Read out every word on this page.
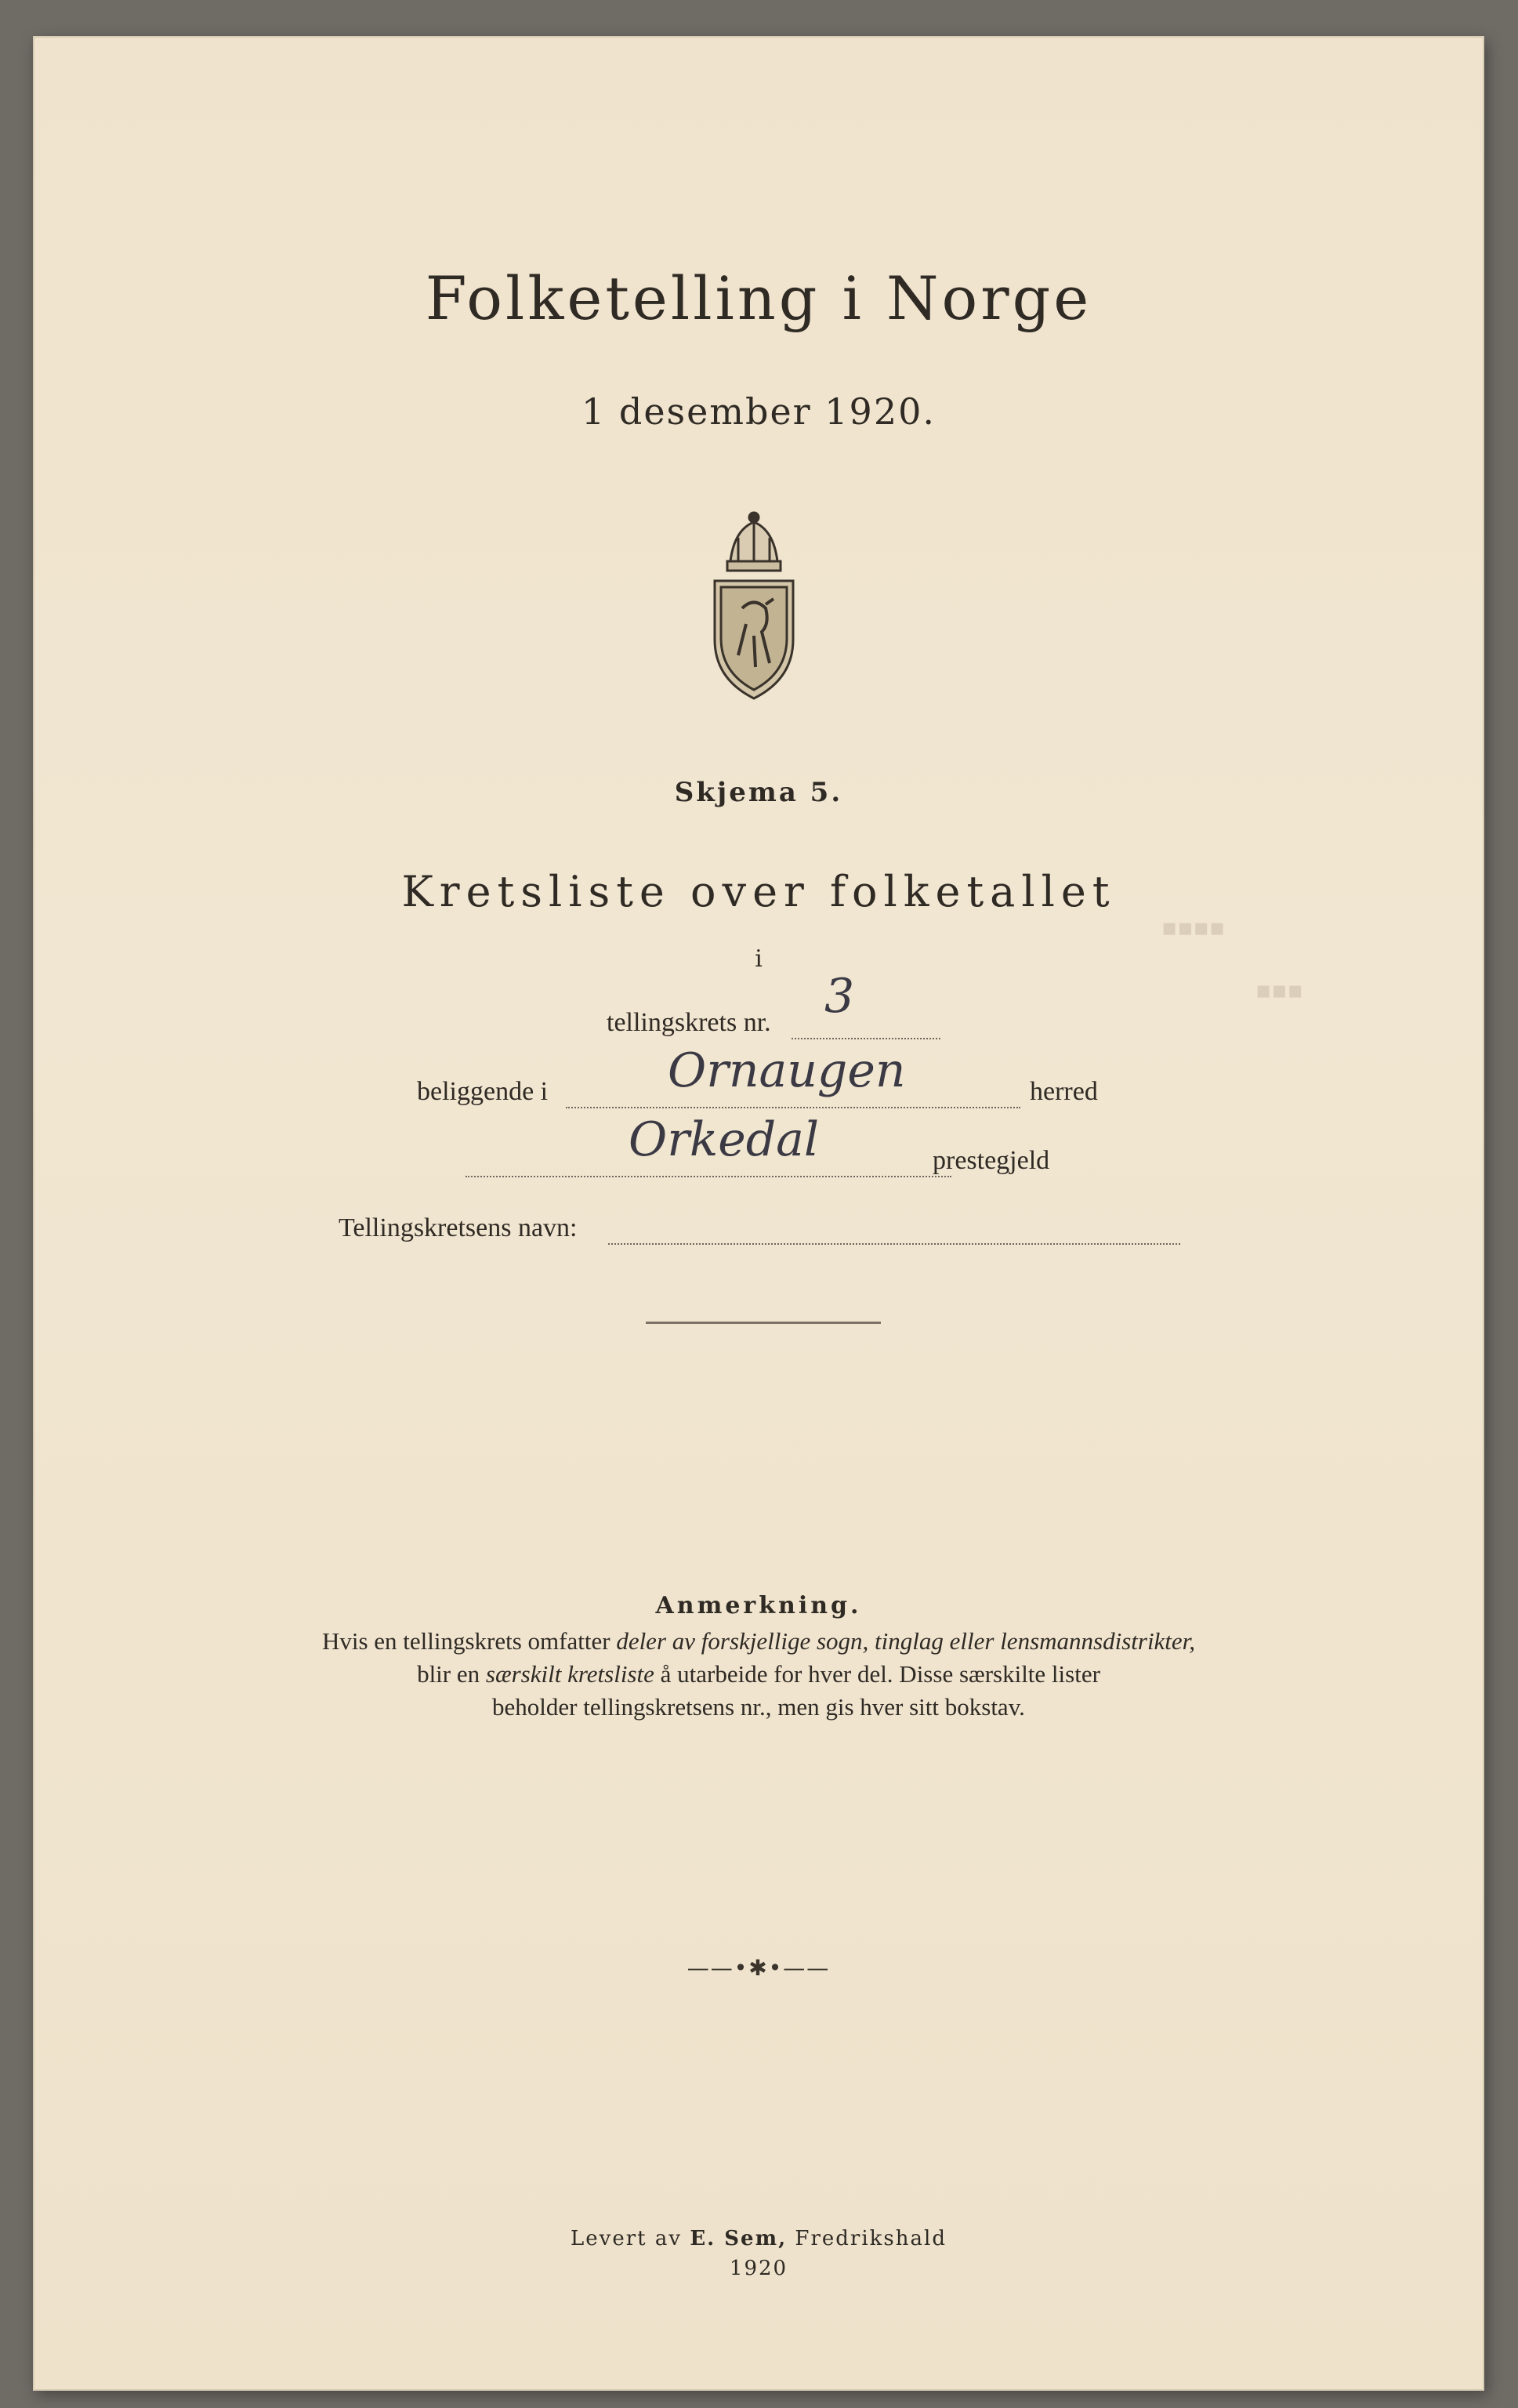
▪▪▪▪
▪▪▪
Folketelling i Norge
1 desember 1920.
Skjema 5.
Kretsliste over folketallet
i
tellingskrets nr. 3
beliggende i	Ornaugen	herred
Orkedal	prestegjeld
Tellingskretsens navn:
Anmerkning.
Hvis en tellingskrets omfatter deler av forskjellige sogn, tinglag eller lensmannsdistrikter,
blir en særskilt kretsliste å utarbeide for hver del. Disse særskilte lister
beholder tellingskretsens nr., men gis hver sitt bokstav.
——•✱•——
Levert av E. Sem, Fredrikshald
1920
